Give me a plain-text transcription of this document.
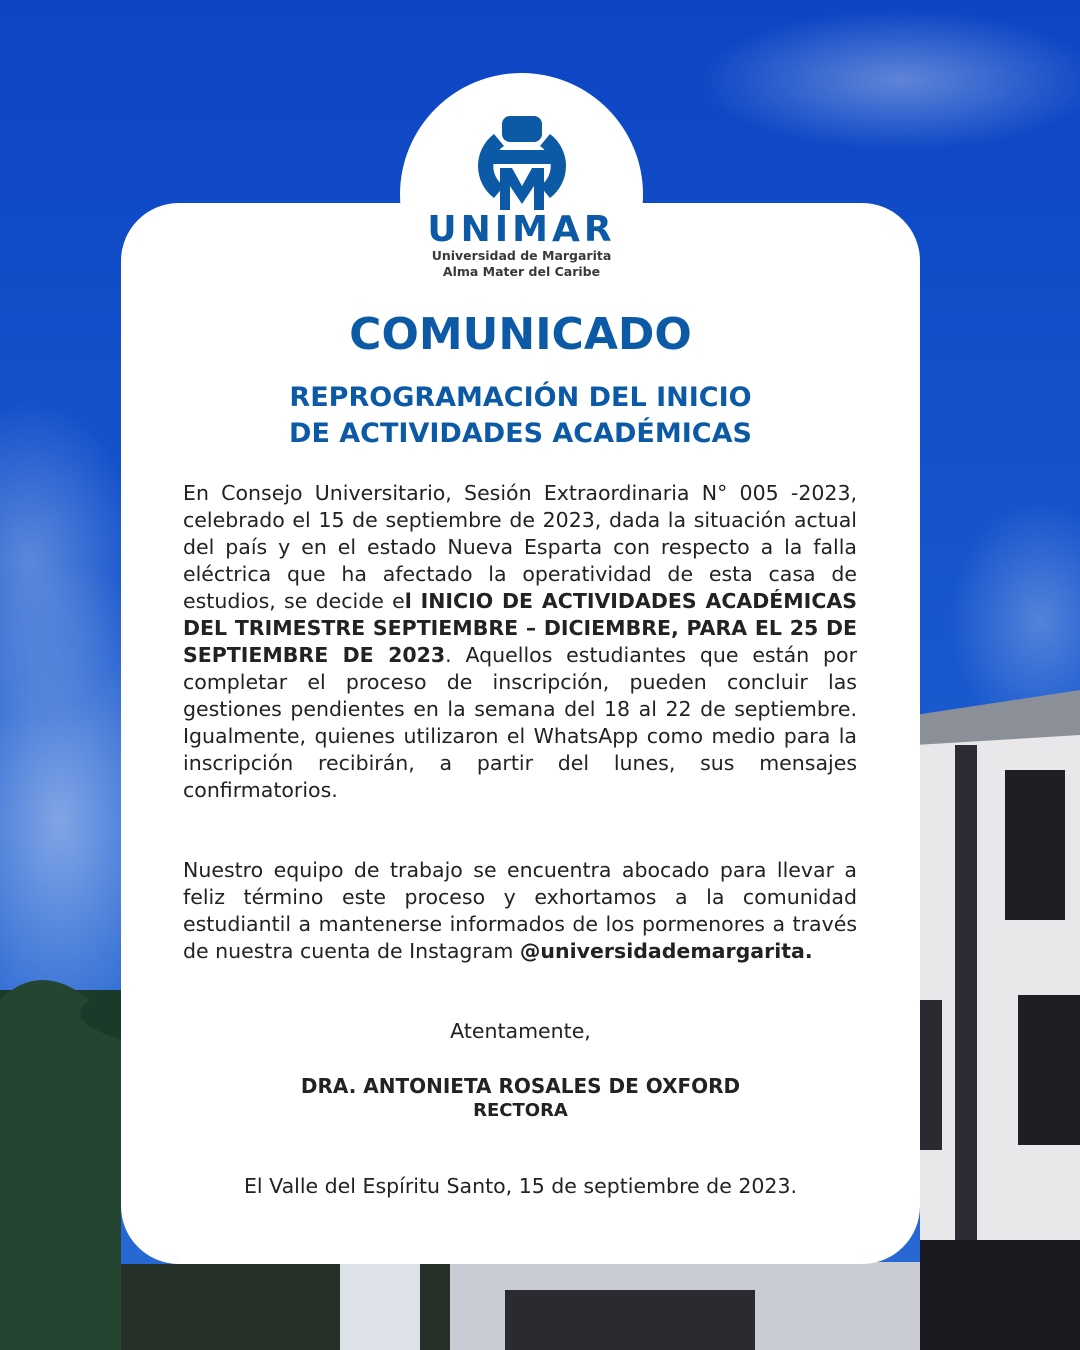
UNIMAR
Universidad de Margarita
Alma Mater del Caribe
COMUNICADO
REPROGRAMACIÓN DEL INICIO
DE ACTIVIDADES ACADÉMICAS

En Consejo Universitario, Sesión Extraordinaria N° 005 -2023, celebrado el 15 de septiembre de 2023, dada la situación actual del país y en el estado Nueva Esparta con respecto a la falla eléctrica que ha afectado la operatividad de esta casa de estudios, se decide el INICIO DE ACTIVIDADES ACADÉMICAS DEL TRIMESTRE SEPTIEMBRE – DICIEMBRE, PARA EL 25 DE SEPTIEMBRE DE 2023. Aquellos estudiantes que están por completar el proceso de inscripción, pueden concluir las gestiones pendientes en la semana del 18 al 22 de septiembre. Igualmente, quienes utilizaron el WhatsApp como medio para la inscripción recibirán, a partir del lunes, sus mensajes confirmatorios.

Nuestro equipo de trabajo se encuentra abocado para llevar a feliz término este proceso y exhortamos a la comunidad estudiantil a mantenerse informados de los pormenores a través de nuestra cuenta de Instagram @universidademargarita.

Atentamente,
DRA. ANTONIETA ROSALES DE OXFORD
RECTORA
El Valle del Espíritu Santo, 15 de septiembre de 2023.
